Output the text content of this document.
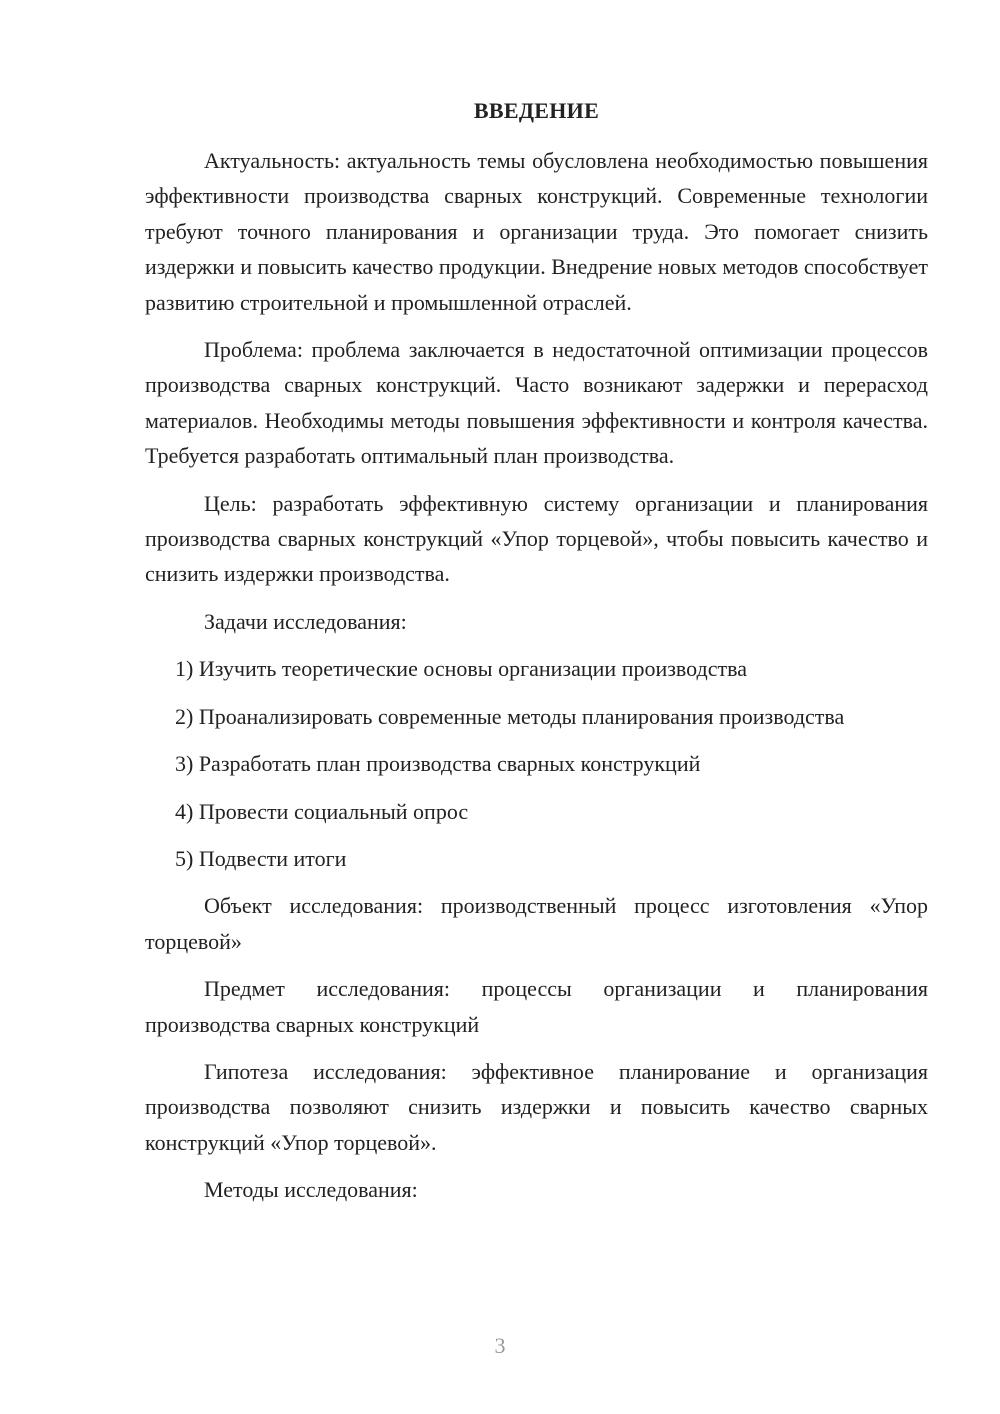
ВВЕДЕНИЕ

Актуальность: актуальность темы обусловлена необходимостью повышения эффективности производства сварных конструкций. Современные технологии требуют точного планирования и организации труда. Это помогает снизить издержки и повысить качество продукции. Внедрение новых методов способствует развитию строительной и промышленной отраслей.

Проблема: проблема заключается в недостаточной оптимизации процессов производства сварных конструкций. Часто возникают задержки и перерасход материалов. Необходимы методы повышения эффективности и контроля качества. Требуется разработать оптимальный план производства.

Цель: разработать эффективную систему организации и планирования производства сварных конструкций «Упор торцевой», чтобы повысить качество и снизить издержки производства.

Задачи исследования:

1) Изучить теоретические основы организации производства

2) Проанализировать современные методы планирования производства

3) Разработать план производства сварных конструкций

4) Провести социальный опрос

5) Подвести итоги

Объект исследования: производственный процесс изготовления «Упор торцевой»

Предмет исследования: процессы организации и планирования производства сварных конструкций

Гипотеза исследования: эффективное планирование и организация производства позволяют снизить издержки и повысить качество сварных конструкций «Упор торцевой».

Методы исследования:

3
